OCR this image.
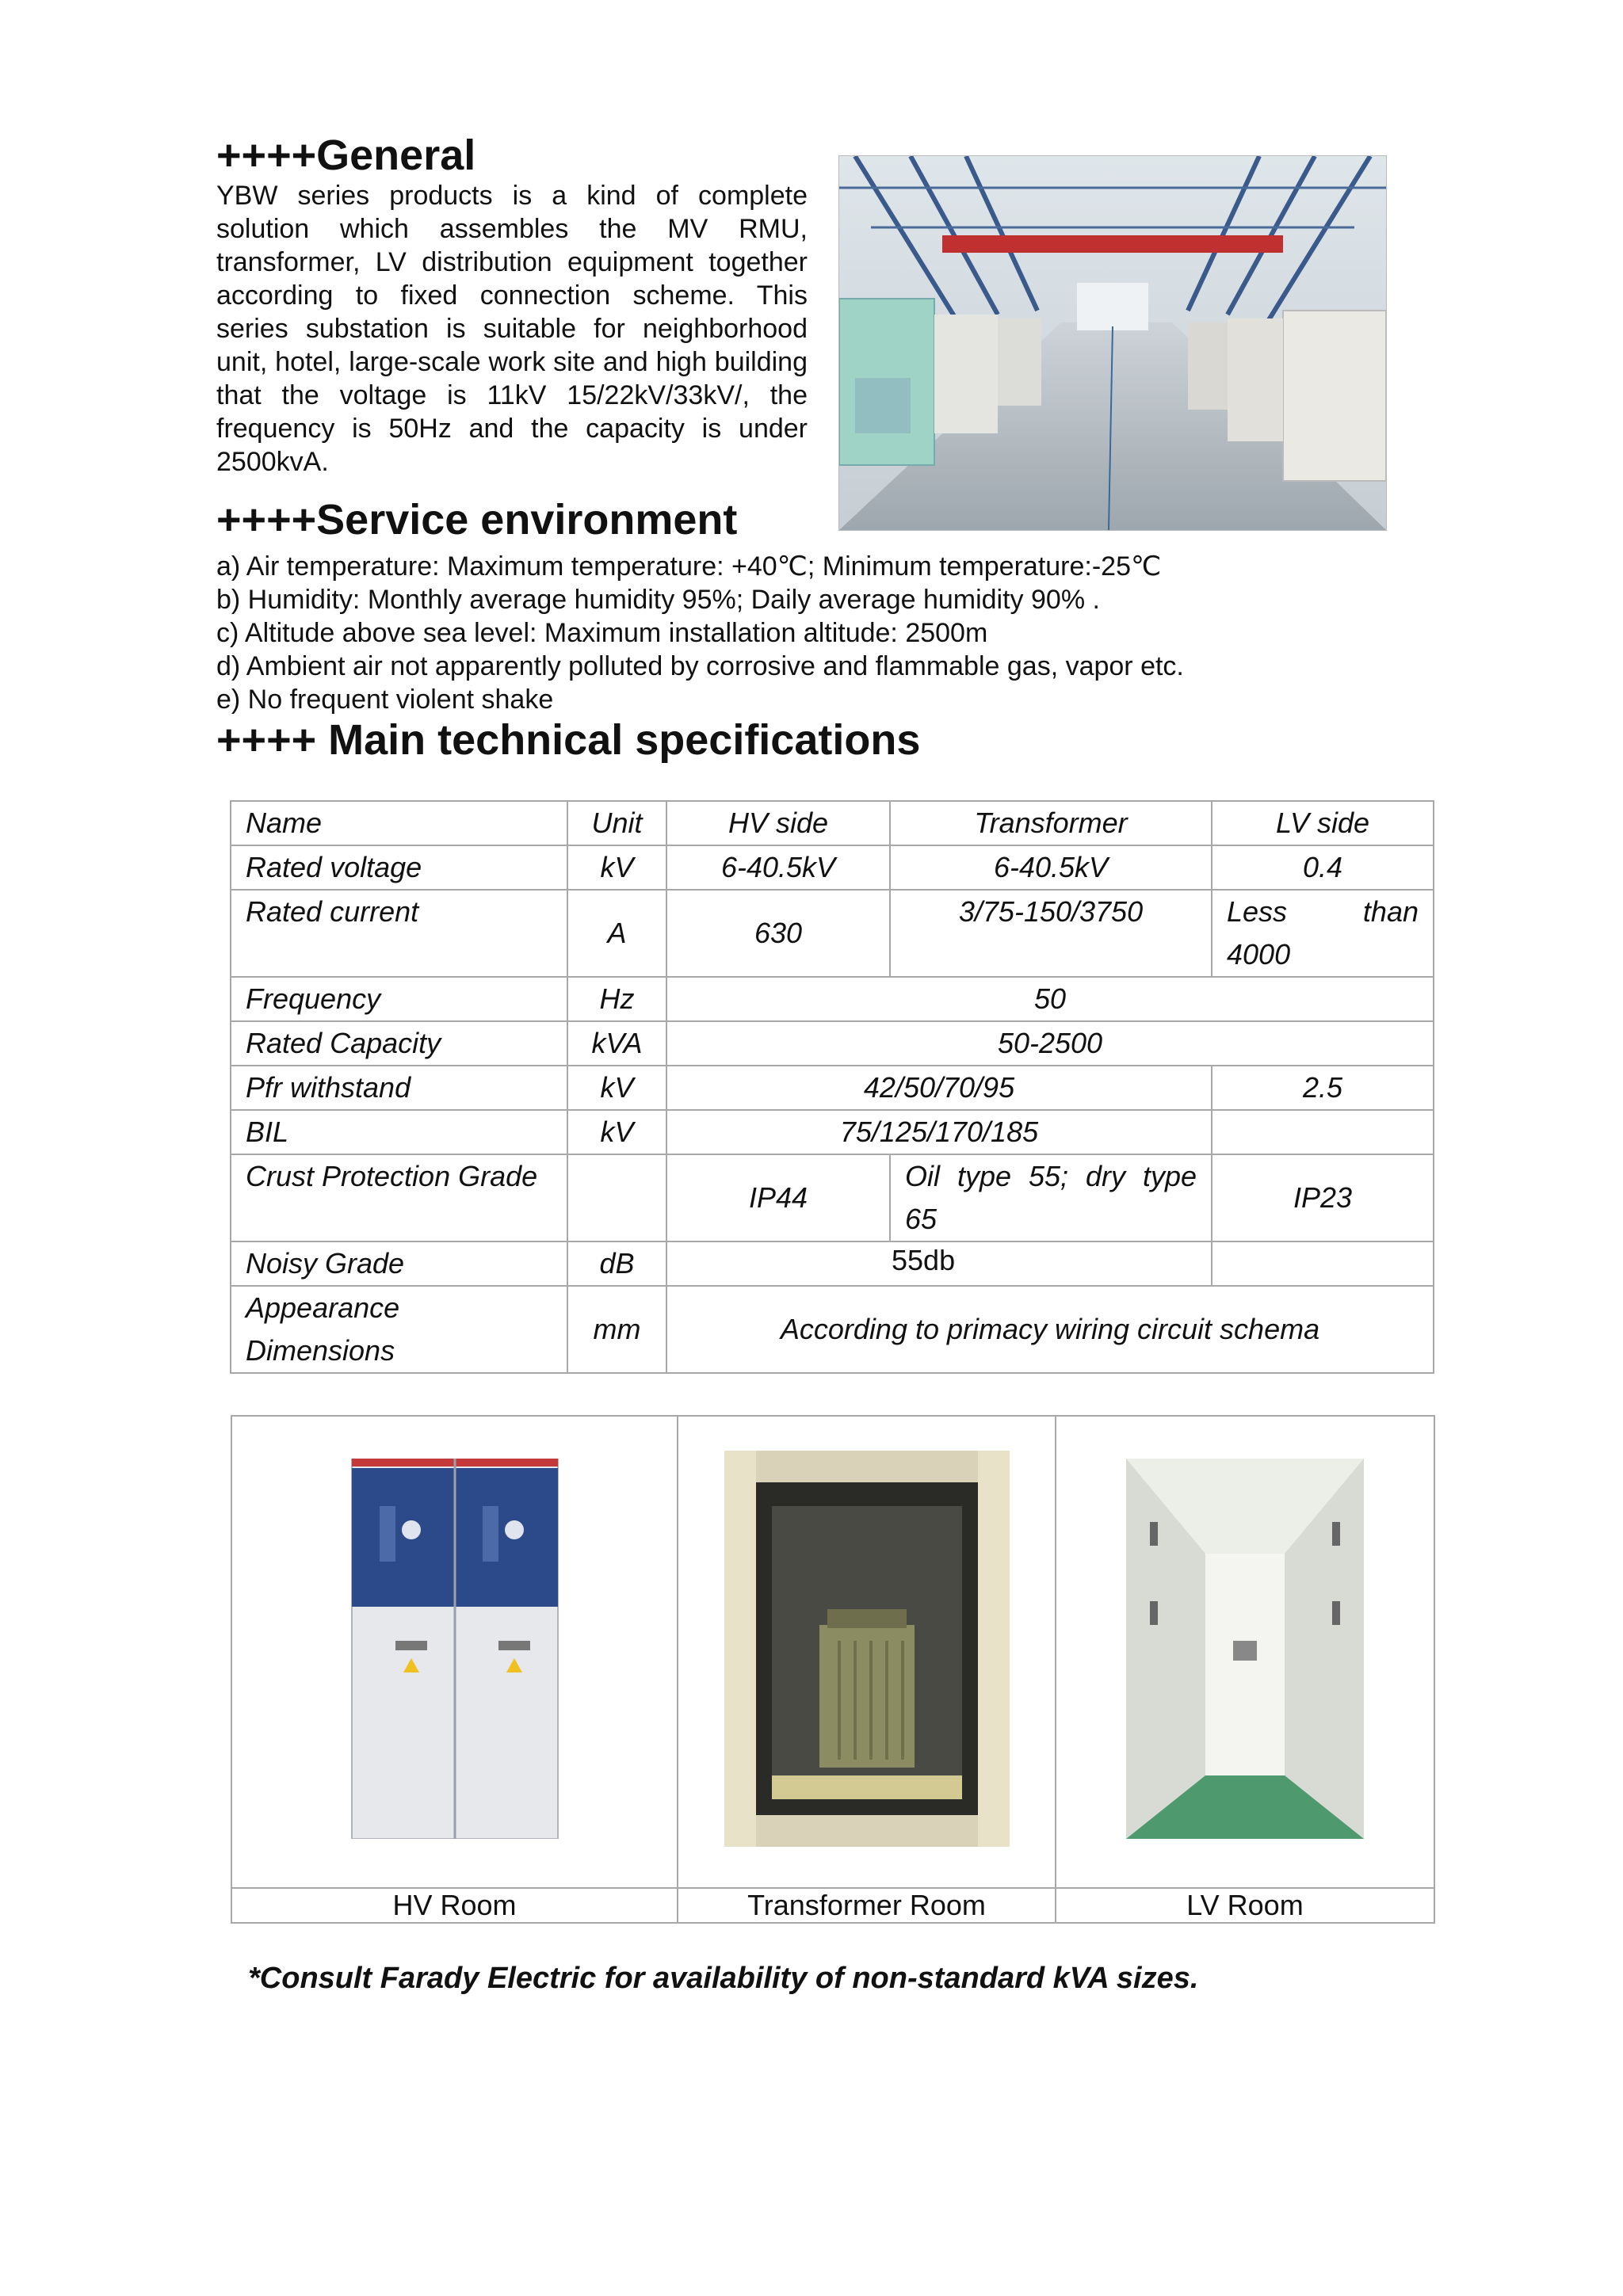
++++General
YBW series products is a kind of complete solution which assembles the MV RMU, transformer, LV distribution equipment together according to fixed connection scheme. This series substation is suitable for neighborhood unit, hotel, large-scale work site and high building that the voltage is 11kV 15/22kV/33kV/, the frequency is 50Hz and the capacity is under 2500kvA.
++++Service environment
a) Air temperature: Maximum temperature: +40℃; Minimum temperature:-25℃
b) Humidity: Monthly average humidity 95%; Daily average humidity 90% .
c) Altitude above sea level: Maximum installation altitude: 2500m
d) Ambient air not apparently polluted by corrosive and flammable gas, vapor etc.
e) No frequent violent shake
++++ Main technical specifications
Name	Unit	HV side	Transformer	LV side
Rated voltage	kV	6-40.5kV	6-40.5kV	0.4
Rated current	A	630	3/75-150/3750	Less than 4000
Frequency	Hz	50		
Rated Capacity	kVA	50-2500		
Pfr withstand	kV	42/50/70/95		2.5
BIL	kV	75/125/170/185		
Crust Protection Grade		IP44	Oil type 55; dry type 65	IP23
Noisy Grade	dB	55db		
Appearance Dimensions	mm	According to primacy wiring circuit schema		

HV Room	Transformer Room	LV Room
*Consult Farady Electric for availability of non-standard kVA sizes.
